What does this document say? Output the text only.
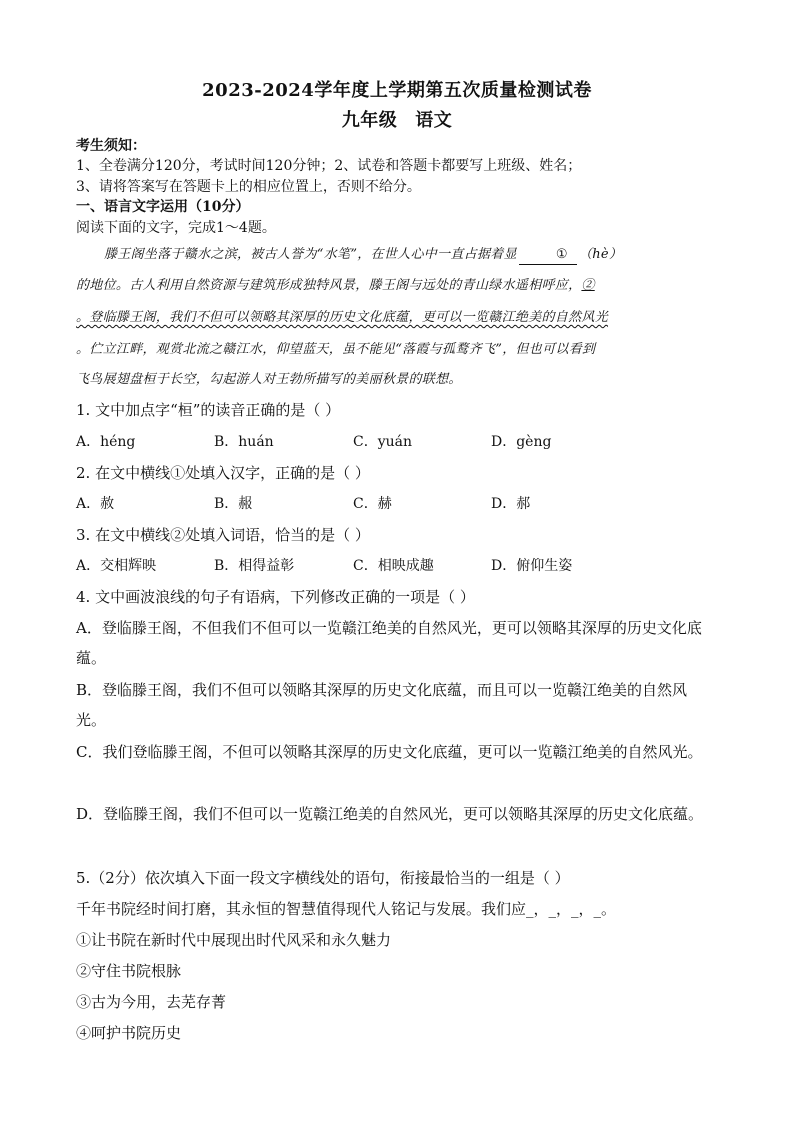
2023-2024学年度上学期第五次质量检测试卷
九年级 语文
考生须知：
1、全卷满分120分，考试时间120分钟；2、试卷和答题卡都要写上班级、姓名；
3、请将答案写在答题卡上的相应位置上，否则不给分。
一、语言文字运用（10分）
阅读下面的文字，完成1～4题。
滕王阁坐落于赣水之滨，被古人誉为“水笔”，在世人心中一直占据着显	① （hè）
的地位。古人利用自然资源与建筑形成独特风景，滕王阁与远处的青山绿水遥相呼应，②
。登临滕王阁，我们不但可以领略其深厚的历史文化底蕴，更可以一览赣江绝美的自然风光
。伫立江畔，观赏北流之赣江水，仰望蓝天，虽不能见“落霞与孤鹜齐飞”，但也可以看到
飞鸟展翅盘桓于长空，勾起游人对王勃所描写的美丽秋景的联想。
1. 文中加点字“桓”的读音正确的是（ ）
A．héng	B．huán	C．yuán	D．gèng
2. 在文中横线①处填入汉字，正确的是（ ）
A．赦	B．赧	C．赫	D．郝
3. 在文中横线②处填入词语，恰当的是（ ）
A．交相辉映	B．相得益彰	C．相映成趣	D．俯仰生姿
4. 文中画波浪线的句子有语病，下列修改正确的一项是（ ）
A．登临滕王阁，不但我们不但可以一览赣江绝美的自然风光，更可以领略其深厚的历史文化底蕴。
B．登临滕王阁，我们不但可以领略其深厚的历史文化底蕴，而且可以一览赣江绝美的自然风光。
C．我们登临滕王阁，不但可以领略其深厚的历史文化底蕴，更可以一览赣江绝美的自然风光。
D．登临滕王阁，我们不但可以一览赣江绝美的自然风光，更可以领略其深厚的历史文化底蕴。
5.（2分）依次填入下面一段文字横线处的语句，衔接最恰当的一组是（ ）
千年书院经时间打磨，其永恒的智慧值得现代人铭记与发展。我们应_，_，_，_。
①让书院在新时代中展现出时代风采和永久魅力
②守住书院根脉
③古为今用，去芜存菁
④呵护书院历史
